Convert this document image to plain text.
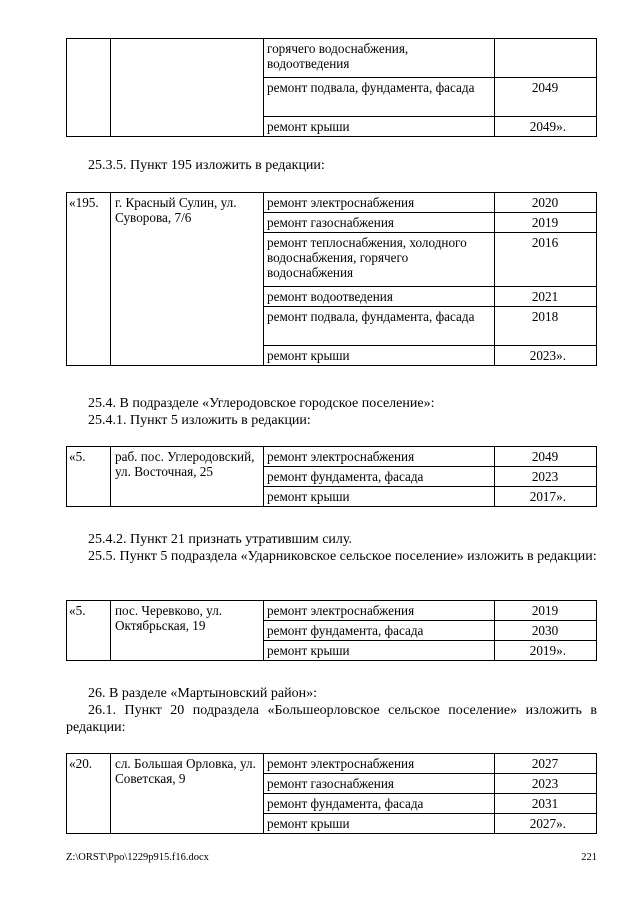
		горячего водоснабжения, водоотведения	
		ремонт подвала, фундамента, фасада	2049
		ремонт крыши	2049».
25.3.5. Пункт 195 изложить в редакции:
«195.	г. Красный Сулин, ул. Суворова, 7/6	ремонт электроснабжения	2020
		ремонт газоснабжения	2019
		ремонт теплоснабжения, холодного водоснабжения, горячего водоснабжения	2016
		ремонт водоотведения	2021
		ремонт подвала, фундамента, фасада	2018
		ремонт крыши	2023».
25.4. В подразделе «Углеродовское городское поселение»:
25.4.1. Пункт 5 изложить в редакции:
«5.	раб. пос. Углеродовский, ул. Восточная, 25	ремонт электроснабжения	2049
		ремонт фундамента, фасада	2023
		ремонт крыши	2017».
25.4.2. Пункт 21 признать утратившим силу.
25.5. Пункт 5 подраздела «Ударниковское сельское поселение» изложить в редакции:
«5.	пос. Черевково, ул. Октябрьская, 19	ремонт электроснабжения	2019
		ремонт фундамента, фасада	2030
		ремонт крыши	2019».
26. В разделе «Мартыновский район»:
26.1. Пункт 20 подраздела «Большеорловское сельское поселение» изложить в редакции:
«20.	сл. Большая Орловка, ул. Советская, 9	ремонт электроснабжения	2027
		ремонт газоснабжения	2023
		ремонт фундамента, фасада	2031
		ремонт крыши	2027».
Z:\ORST\Ppo\1229p915.f16.docx	221
